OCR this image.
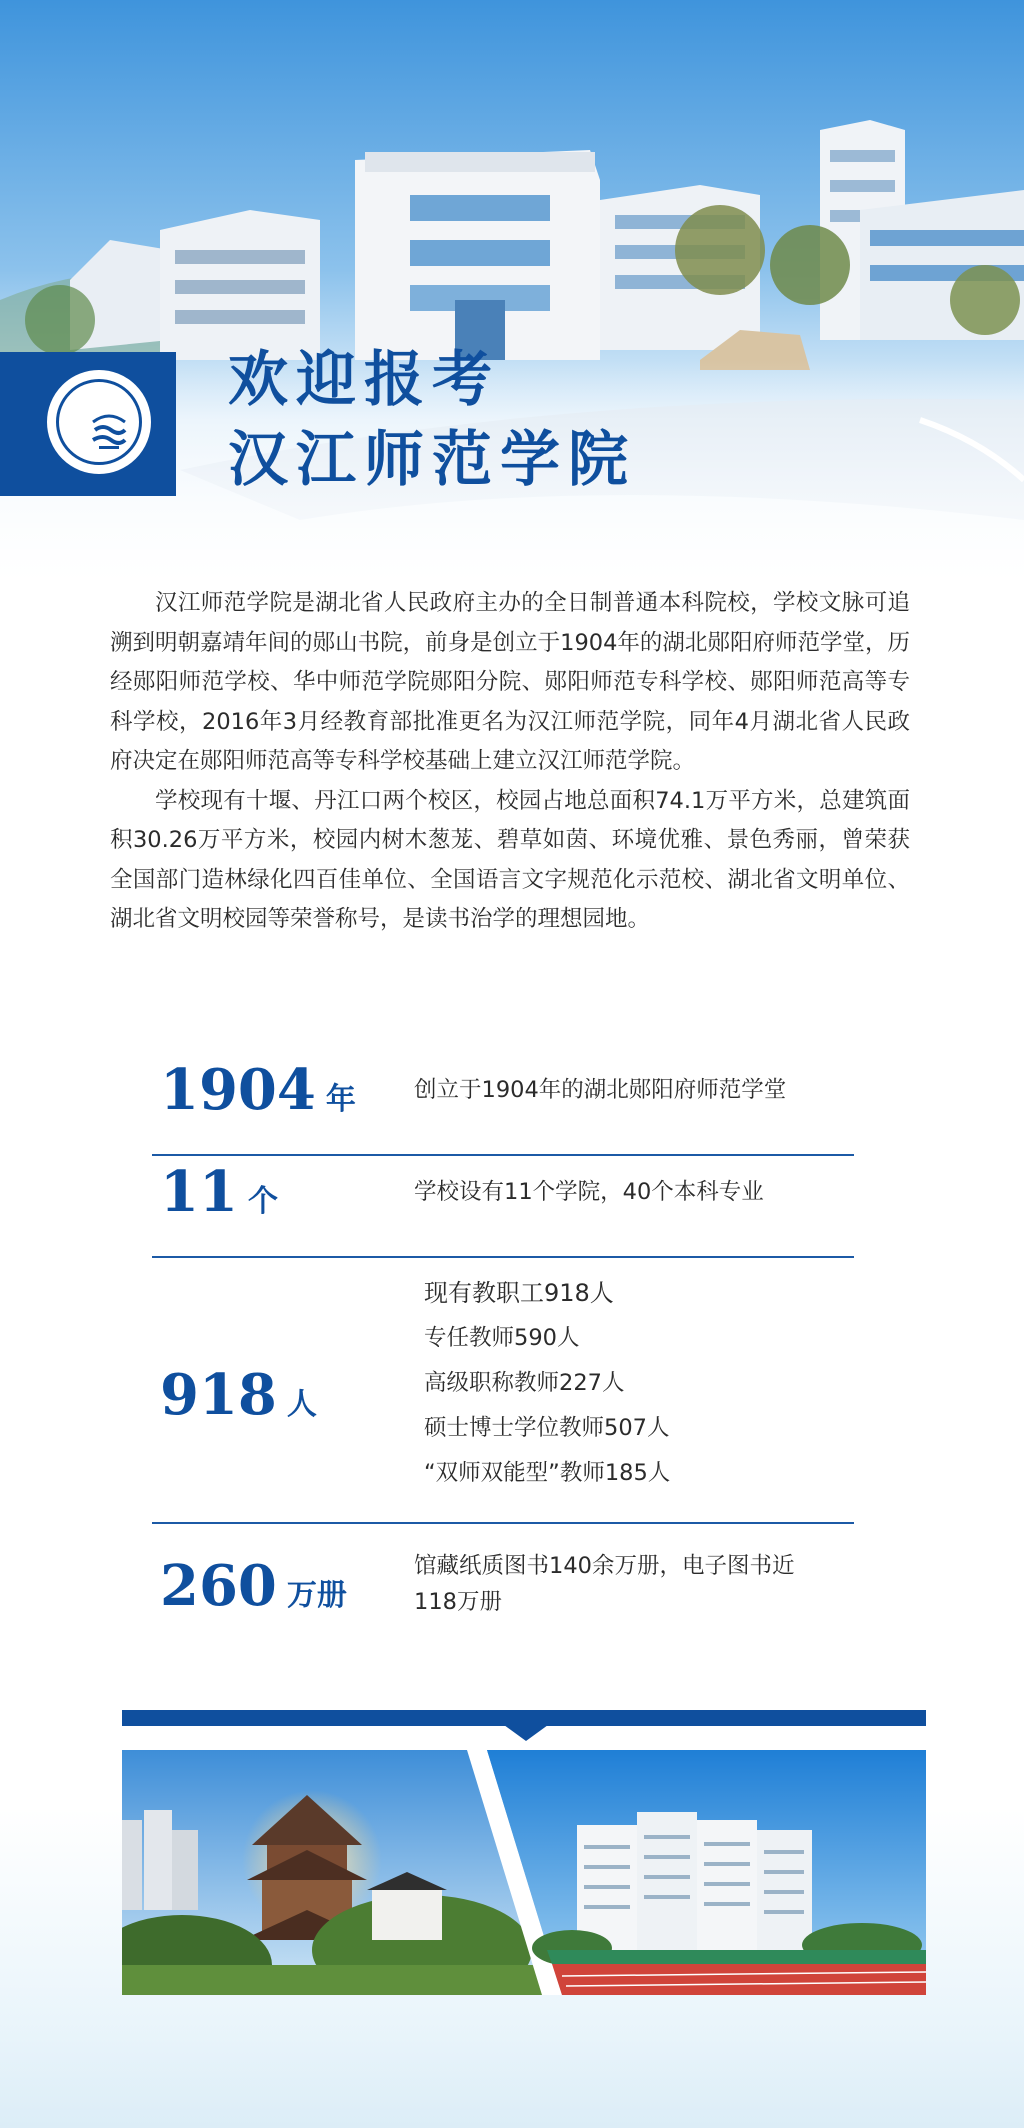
欢迎报考
汉江师范学院

汉江师范学院是湖北省人民政府主办的全日制普通本科院校，学校文脉可追溯到明朝嘉靖年间的郧山书院，前身是创立于1904年的湖北郧阳府师范学堂，历经郧阳师范学校、华中师范学院郧阳分院、郧阳师范专科学校、郧阳师范高等专科学校，2016年3月经教育部批准更名为汉江师范学院，同年4月湖北省人民政府决定在郧阳师范高等专科学校基础上建立汉江师范学院。

学校现有十堰、丹江口两个校区，校园占地总面积74.1万平方米，总建筑面积30.26万平方米，校园内树木葱茏、碧草如茵、环境优雅、景色秀丽，曾荣获全国部门造林绿化四百佳单位、全国语言文字规范化示范校、湖北省文明单位、湖北省文明校园等荣誉称号，是读书治学的理想园地。

1904 年	创立于1904年的湖北郧阳府师范学堂
11 个	学校设有11个学院，40个本科专业
918 人
现有教职工918人
专任教师590人
高级职称教师227人
硕士博士学位教师507人
“双师双能型”教师185人
260 万册
馆藏纸质图书140余万册，电子图书近
118万册
